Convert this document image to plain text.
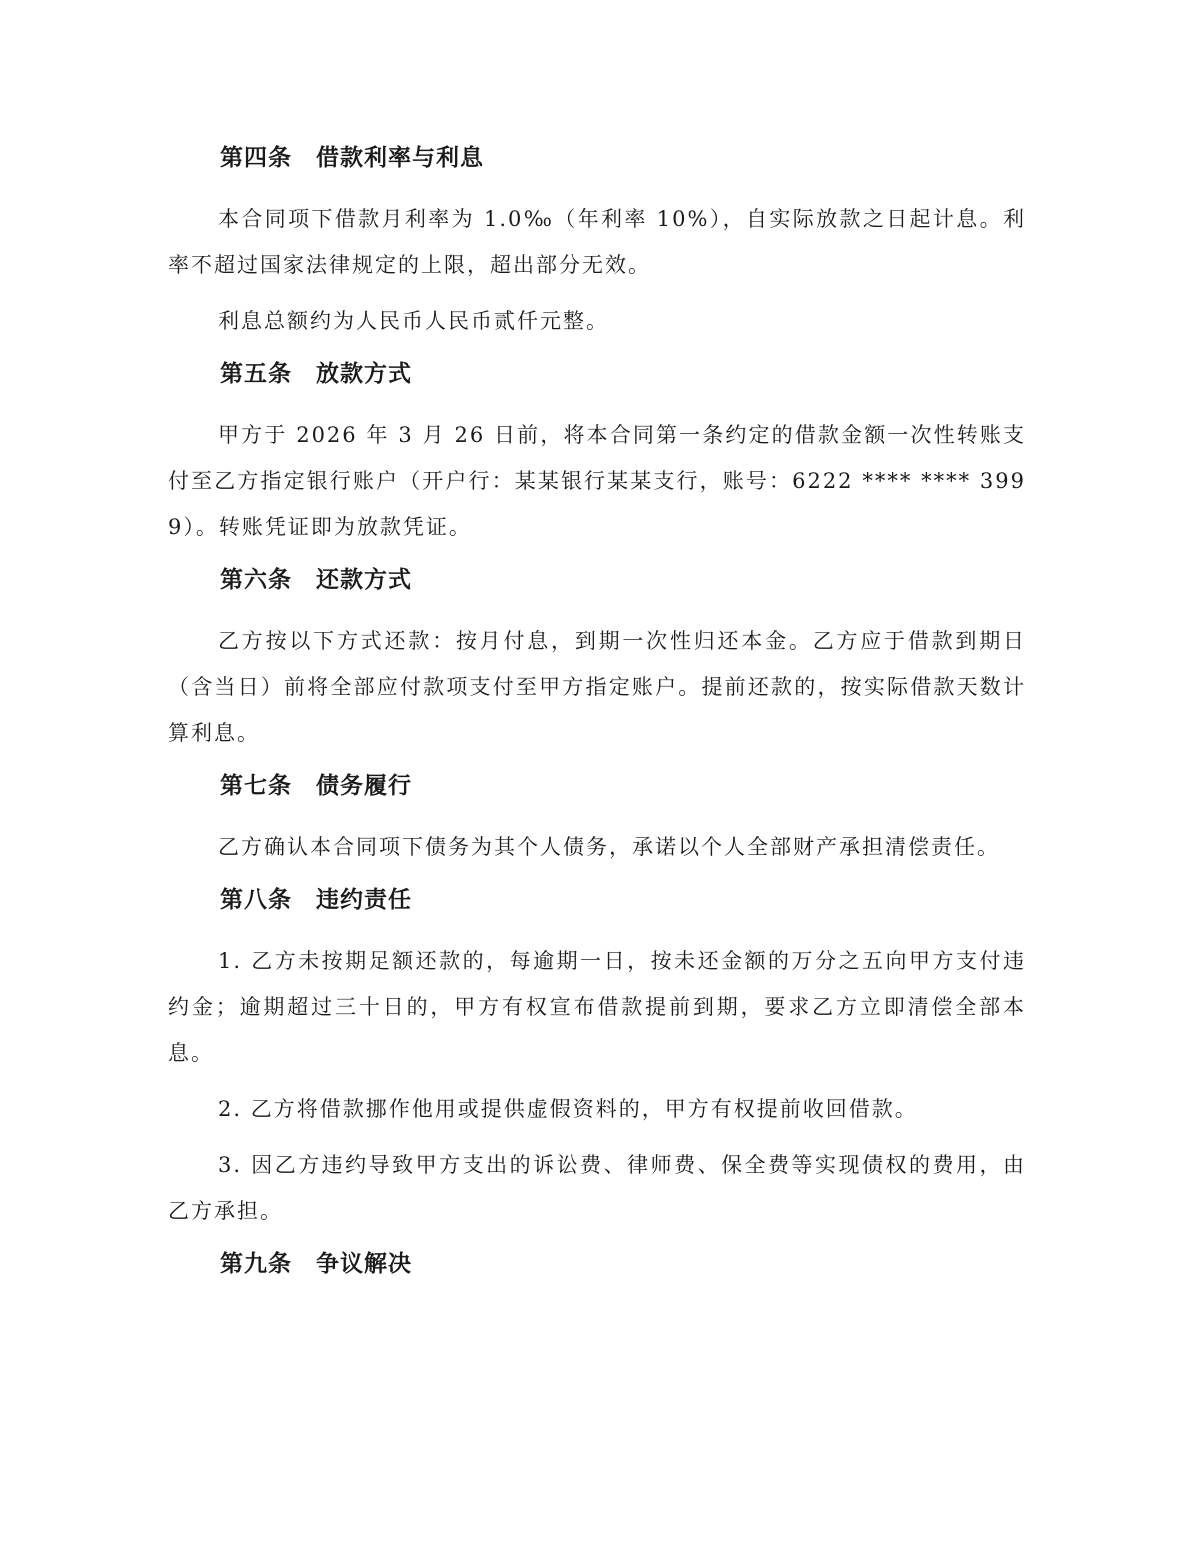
第四条　借款利率与利息

本合同项下借款月利率为 1.0‰（年利率 10%），自实际放款之日起计息。利率不超过国家法律规定的上限，超出部分无效。

利息总额约为人民币人民币贰仟元整。

第五条　放款方式

甲方于 2026 年 3 月 26 日前，将本合同第一条约定的借款金额一次性转账支付至乙方指定银行账户（开户行：某某银行某某支行，账号：6222 **** **** 3999）。转账凭证即为放款凭证。

第六条　还款方式

乙方按以下方式还款：按月付息，到期一次性归还本金。乙方应于借款到期日（含当日）前将全部应付款项支付至甲方指定账户。提前还款的，按实际借款天数计算利息。

第七条　债务履行

乙方确认本合同项下债务为其个人债务，承诺以个人全部财产承担清偿责任。

第八条　违约责任

1. 乙方未按期足额还款的，每逾期一日，按未还金额的万分之五向甲方支付违约金；逾期超过三十日的，甲方有权宣布借款提前到期，要求乙方立即清偿全部本息。

2. 乙方将借款挪作他用或提供虚假资料的，甲方有权提前收回借款。

3. 因乙方违约导致甲方支出的诉讼费、律师费、保全费等实现债权的费用，由乙方承担。

第九条　争议解决
